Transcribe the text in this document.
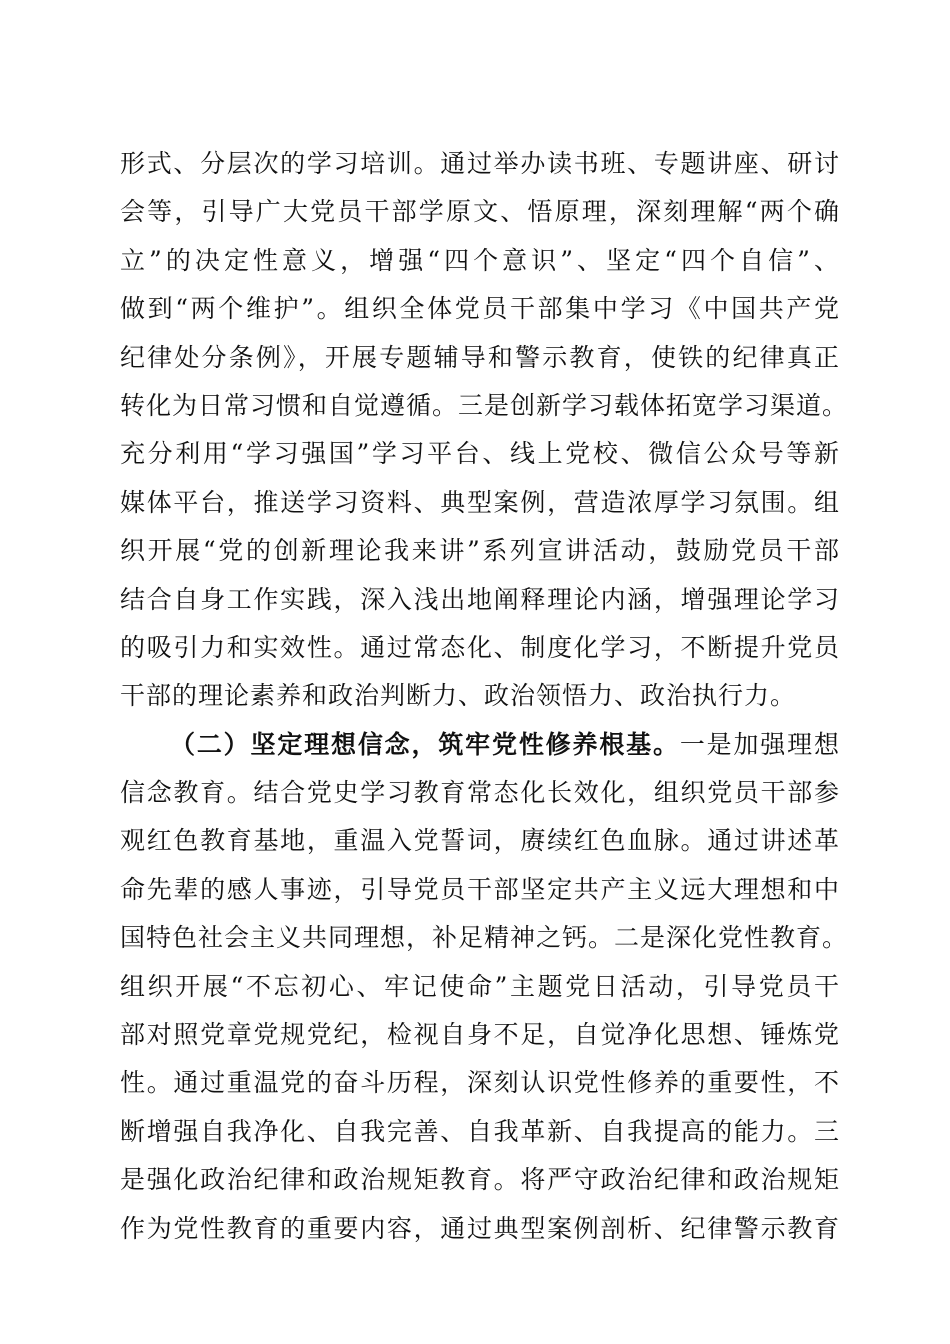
形式、分层次的学习培训。通过举办读书班、专题讲座、研讨
会等，引导广大党员干部学原文、悟原理，深刻理解“两个确
立”的决定性意义，增强“四个意识”、坚定“四个自信”、
做到“两个维护”。组织全体党员干部集中学习《中国共产党
纪律处分条例》，开展专题辅导和警示教育，使铁的纪律真正
转化为日常习惯和自觉遵循。三是创新学习载体拓宽学习渠道。
充分利用“学习强国”学习平台、线上党校、微信公众号等新
媒体平台，推送学习资料、典型案例，营造浓厚学习氛围。组
织开展“党的创新理论我来讲”系列宣讲活动，鼓励党员干部
结合自身工作实践，深入浅出地阐释理论内涵，增强理论学习
的吸引力和实效性。通过常态化、制度化学习，不断提升党员
干部的理论素养和政治判断力、政治领悟力、政治执行力。
（二）坚定理想信念，筑牢党性修养根基。一是加强理想
信念教育。结合党史学习教育常态化长效化，组织党员干部参
观红色教育基地，重温入党誓词，赓续红色血脉。通过讲述革
命先辈的感人事迹，引导党员干部坚定共产主义远大理想和中
国特色社会主义共同理想，补足精神之钙。二是深化党性教育。
组织开展“不忘初心、牢记使命”主题党日活动，引导党员干
部对照党章党规党纪，检视自身不足，自觉净化思想、锤炼党
性。通过重温党的奋斗历程，深刻认识党性修养的重要性，不
断增强自我净化、自我完善、自我革新、自我提高的能力。三
是强化政治纪律和政治规矩教育。将严守政治纪律和政治规矩
作为党性教育的重要内容，通过典型案例剖析、纪律警示教育
